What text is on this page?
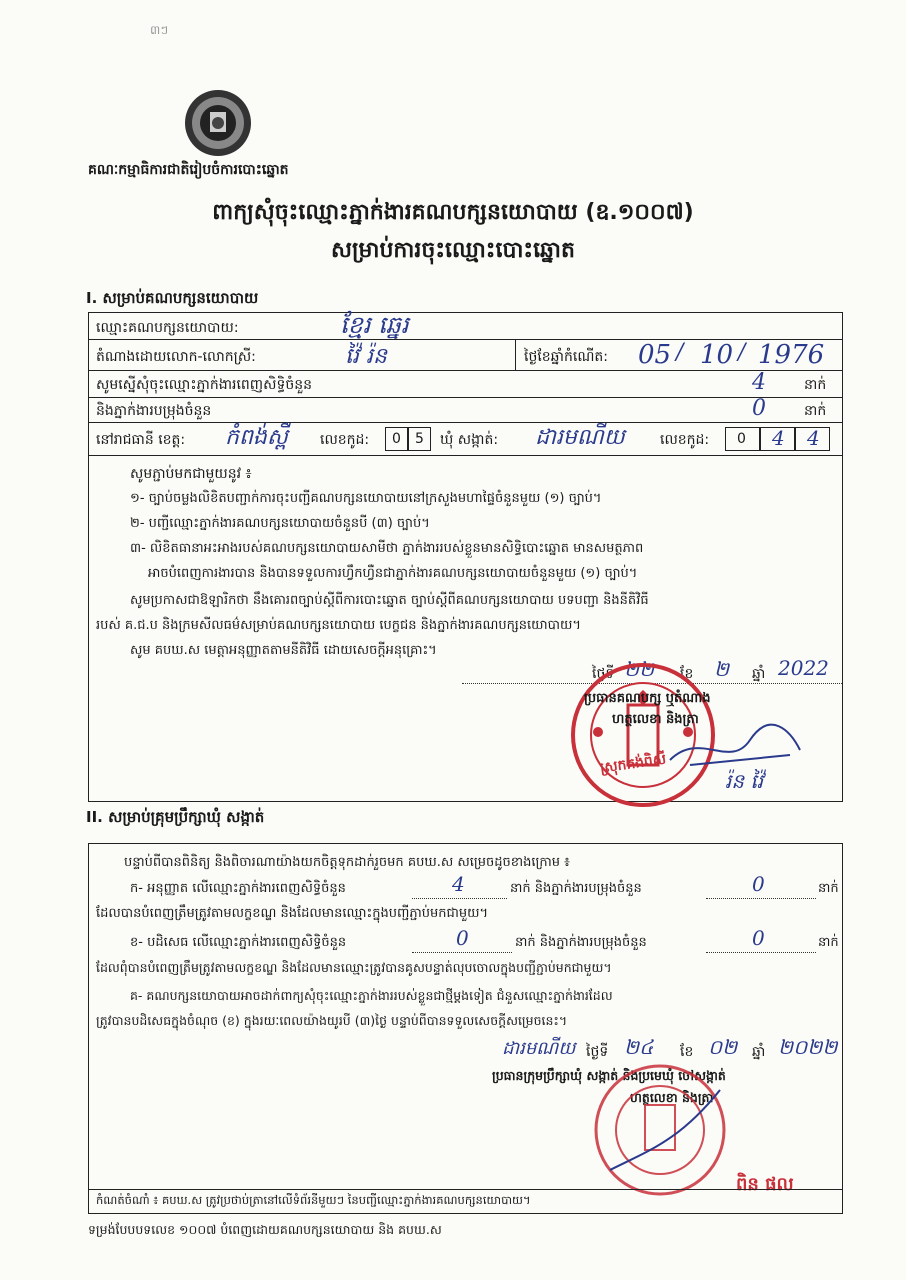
៣ៗ
គណៈកម្មាធិការជាតិរៀបចំការបោះឆ្នោត
ពាក្យសុំចុះឈ្មោះភ្នាក់ងារគណបក្សនយោបាយ (ឧ.១០០៧)
សម្រាប់ការចុះឈ្មោះបោះឆ្នោត
I. សម្រាប់គណបក្សនយោបាយ
ឈ្មោះគណបក្សនយោបាយ:	ខ្មែរ ឆ្នេរ
តំណាងដោយលោក-លោកស្រី:	វ៉ៃ រ៉ន	ថ្ងៃខែឆ្នាំកំណើត: 05 / 10 / 1976
សូមស្នើសុំចុះឈ្មោះភ្នាក់ងារពេញសិទ្ធិចំនួន	4	នាក់
និងភ្នាក់ងារបម្រុងចំនួន	0	នាក់
នៅរាជធានី ខេត្ត: កំពង់ស្ពឺ លេខកូដ: 0 5 ឃុំ សង្កាត់: ដារមណីយ	លេខកូដ: 0 4 4
សូមភ្ជាប់មកជាមួយនូវ ៖
១- ច្បាប់ចម្លងលិខិតបញ្ជាក់ការចុះបញ្ជីគណបក្សនយោបាយនៅក្រសួងមហាផ្ទៃចំនួនមួយ (១) ច្បាប់។
២- បញ្ជីឈ្មោះភ្នាក់ងារគណបក្សនយោបាយចំនួនបី (៣) ច្បាប់។
៣- លិខិតធានាអះអាងរបស់គណបក្សនយោបាយសាមីថា ភ្នាក់ងាររបស់ខ្លួនមានសិទ្ធិបោះឆ្នោត មានសមត្ថភាព
អាចបំពេញការងារបាន និងបានទទួលការហ្វឹកហ្វឺនជាភ្នាក់ងារគណបក្សនយោបាយចំនួនមួយ (១) ច្បាប់។
សូមប្រកាសជាឱឡារិកថា នឹងគោរពច្បាប់ស្តីពីការបោះឆ្នោត ច្បាប់ស្តីពីគណបក្សនយោបាយ បទបញ្ជា និងនីតិវិធី
របស់ គ.ជ.ប និងក្រមសីលធម៌សម្រាប់គណបក្សនយោបាយ បេក្ខជន និងភ្នាក់ងារគណបក្សនយោបាយ។
សូម គបឃ.ស មេត្តាអនុញ្ញាតតាមនីតិវិធី ដោយសេចក្តីអនុគ្រោះ។
ថ្ងៃទី ២២ ខែ ២ ឆ្នាំ 2022
ស្រុកគង់ពិសី
ប្រធានគណបក្ស ឬតំណាង
ហត្ថលេខា និងត្រា
រ៉ន វ៉ៃ
II. សម្រាប់គ្រុមប្រឹក្សាឃុំ សង្កាត់
បន្ទាប់ពីបានពិនិត្យ និងពិចារណាយ៉ាងយកចិត្តទុកដាក់រួចមក គបឃ.ស សម្រេចដូចខាងក្រោម ៖
ក- អនុញ្ញាត លើឈ្មោះភ្នាក់ងារពេញសិទ្ធិចំនួន	4	នាក់ និងភ្នាក់ងារបម្រុងចំនួន	0	នាក់
ដែលបានបំពេញត្រឹមត្រូវតាមលក្ខខណ្ឌ និងដែលមានឈ្មោះក្នុងបញ្ជីភ្ជាប់មកជាមួយ។
ខ- បដិសេធ លើឈ្មោះភ្នាក់ងារពេញសិទ្ធិចំនួន	0	នាក់ និងភ្នាក់ងារបម្រុងចំនួន	0	នាក់
ដែលពុំបានបំពេញត្រឹមត្រូវតាមលក្ខខណ្ឌ និងដែលមានឈ្មោះត្រូវបានគូសបន្ទាត់លុបចោលក្នុងបញ្ជីភ្ជាប់មកជាមួយ។
គ- គណបក្សនយោបាយអាចដាក់ពាក្យសុំចុះឈ្មោះភ្នាក់ងាររបស់ខ្លួនជាថ្មីម្តងទៀត ជំនួសឈ្មោះភ្នាក់ងារដែល
ត្រូវបានបដិសេធក្នុងចំណុច (ខ) ក្នុងរយៈពេលយ៉ាងយូរបី (៣)ថ្ងៃ បន្ទាប់ពីបានទទួលសេចក្តីសម្រេចនេះ។
ដារមណីយ ថ្ងៃទី ២៤ ខែ ០២ ឆ្នាំ ២០២២
ប្រធានក្រុមប្រឹក្សាឃុំ សង្កាត់ និងប្រមេឃុំ ចៅសង្កាត់
ហត្ថលេខា និងត្រា
ពិន ផល
កំណត់ចំណាំ ៖ គបឃ.ស ត្រូវប្រថាប់ត្រានៅលើទំព័រនីមួយៗ នៃបញ្ជីឈ្មោះភ្នាក់ងារគណបក្សនយោបាយ។
ទម្រង់បែបបទលេខ ១០០៧ បំពេញដោយគណបក្សនយោបាយ និង គបឃ.ស
